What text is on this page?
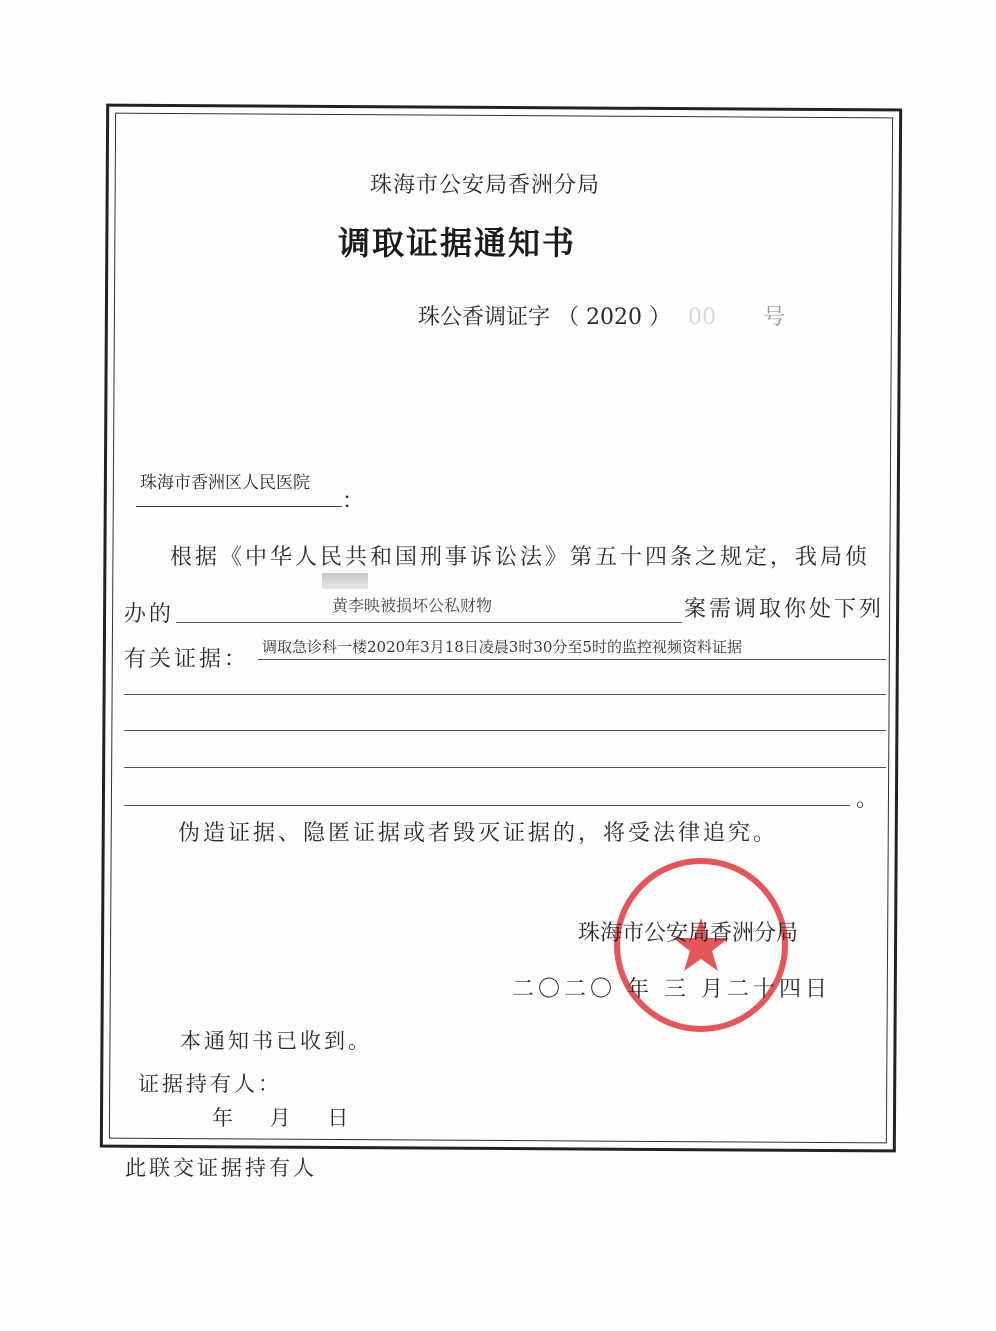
珠海市公安局香洲分局
调取证据通知书
珠公香调证字 （ 2020 ） 00 号
珠海市香洲区人民医院
：
根据《中华人民共和国刑事诉讼法》第五十四条之规定，我局侦
办的	黄李映被损坏公私财物	案需调取你处下列
有关证据： 调取急诊科一楼2020年3月18日凌晨3时30分至5时的监控视频资料证据
。
伪造证据、隐匿证据或者毁灭证据的，将受法律追究。
珠海市公安局香洲分局
二〇二〇 年 三 月二十四日
本通知书已收到。
证据持有人：
年 月 日
此联交证据持有人
